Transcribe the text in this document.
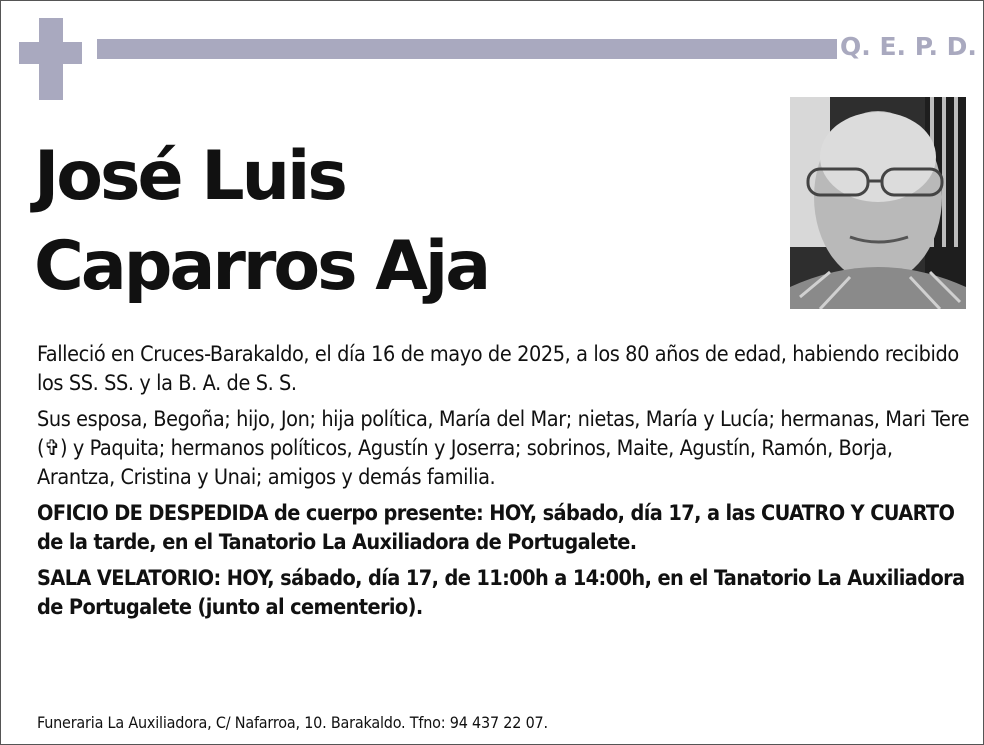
Q. E. P. D.
José Luis
Caparros Aja

Falleció en Cruces-Barakaldo, el día 16 de mayo de 2025, a los 80 años de edad, habiendo recibido los SS. SS. y la B. A. de S. S.

Sus esposa, Begoña; hijo, Jon; hija política, María del Mar; nietas, María y Lucía; hermanas, Mari Tere (✞) y Paquita; hermanos políticos, Agustín y Joserra; sobrinos, Maite, Agustín, Ramón, Borja, Arantza, Cristina y Unai; amigos y demás familia.

OFICIO DE DESPEDIDA de cuerpo presente: HOY, sábado, día 17, a las CUATRO Y CUARTO de la tarde, en el Tanatorio La Auxiliadora de Portugalete.

SALA VELATORIO: HOY, sábado, día 17, de 11:00h a 14:00h, en el Tanatorio La Auxiliadora de Portugalete (junto al cementerio).

Funeraria La Auxiliadora, C/ Nafarroa, 10. Barakaldo. Tfno: 94 437 22 07.
